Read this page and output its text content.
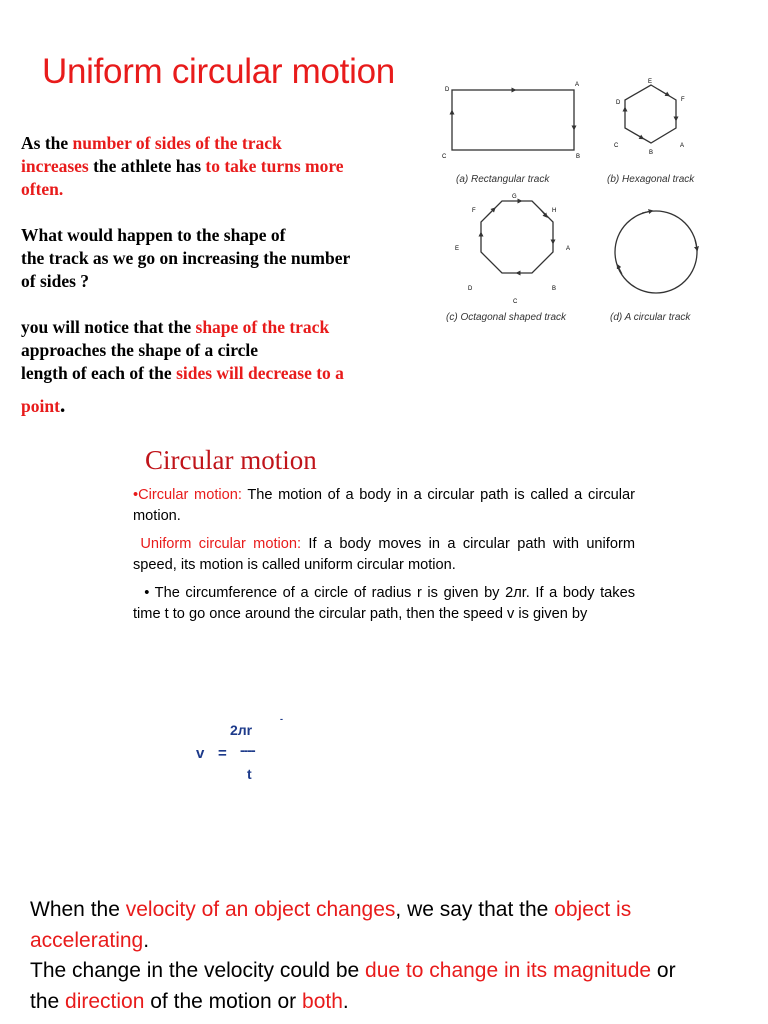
Uniform circular motion

As the number of sides of the track
increases the athlete has to take turns more
often.

What would happen to the shape of
the track as we go on increasing the number
of sides ?

you will notice that the shape of the track
approaches the shape of a circle
length of each of the sides will decrease to a

point.

A
B
C
D
(a) Rectangular track
E
F
A
B
C
D
(b) Hexagonal track
G
H
A
B
C
D
E
F
(c) Octagonal shaped track	(d) A circular track
Circular motion

•Circular motion: The motion of a body in a circular path is called a circular motion.

Uniform circular motion: If a body moves in a circular path with uniform speed, its motion is called uniform circular motion.

• The circumference of a circle of radius r is given by 2лr. If a body takes time t to go once around the circular path, then the speed v is given by

-
2лr
v = ----
t

When the velocity of an object changes, we say that the object is
accelerating.

The change in the velocity could be due to change in its magnitude or
the direction of the motion or both.
